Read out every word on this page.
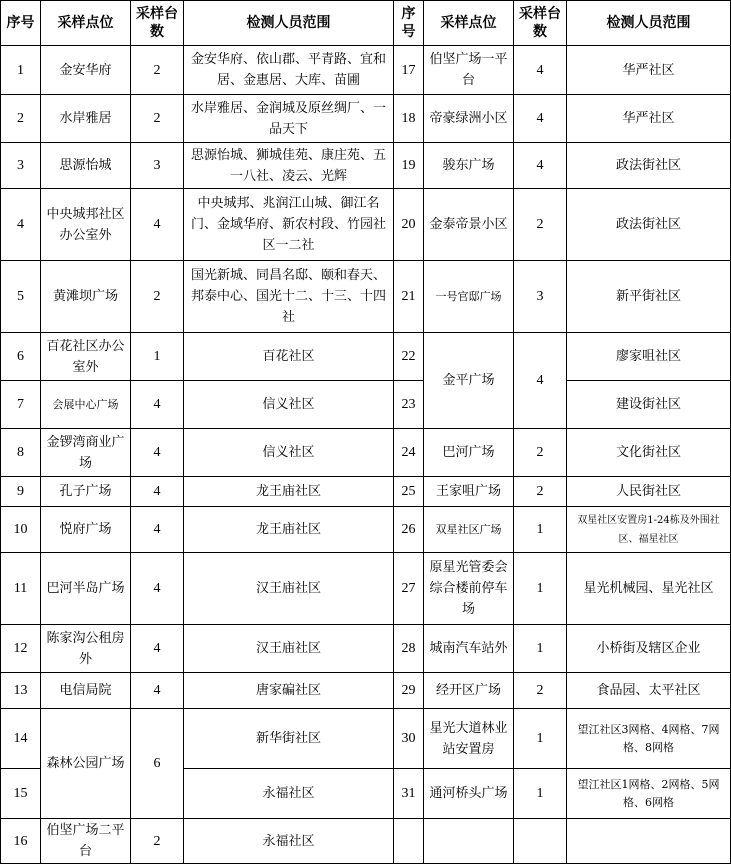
序号	采样点位	采样台数	检测人员范围	序号	采样点位	采样台数	检测人员范围
1	金安华府	2	金安华府、依山郡、平青路、宜和居、金惠居、大库、苗圃	17	伯坚广场一平台	4	华严社区
2	水岸雅居	2	水岸雅居、金润城及原丝绸厂、一品天下	18	帝豪绿洲小区	4	华严社区
3	思源怡城	3	思源怡城、狮城佳苑、康庄苑、五一八社、凌云、光辉	19	骏东广场	4	政法街社区
4	中央城邦社区办公室外	4	中央城邦、兆润江山城、御江名门、金域华府、新农村段、竹园社区一二社	20	金泰帝景小区	2	政法街社区
5	黄滩坝广场	2	国光新城、同昌名邸、颐和春天、邦泰中心、国光十二、十三、十四社	21	一号官邸广场	3	新平街社区
6	百花社区办公室外	1	百花社区	22	金平广场	4	廖家咀社区
7	会展中心广场	4	信义社区	23			建设街社区
8	金锣湾商业广场	4	信义社区	24	巴河广场	2	文化街社区
9	孔子广场	4	龙王庙社区	25	王家咀广场	2	人民街社区
10	悦府广场	4	龙王庙社区	26	双星社区广场	1	双星社区安置房1-24栋及外围社区、福星社区
11	巴河半岛广场	4	汉王庙社区	27	原星光管委会综合楼前停车场	1	星光机械园、星光社区
12	陈家沟公租房外	4	汉王庙社区	28	城南汽车站外	1	小桥街及辖区企业
13	电信局院	4	唐家碥社区	29	经开区广场	2	食品园、太平社区
14	森林公园广场	6	新华街社区	30	星光大道林业站安置房	1	望江社区3网格、4网格、7网格、8网格
15			永福社区	31	通河桥头广场	1	望江社区1网格、2网格、5网格、6网格
16	伯坚广场二平台	2	永福社区				
